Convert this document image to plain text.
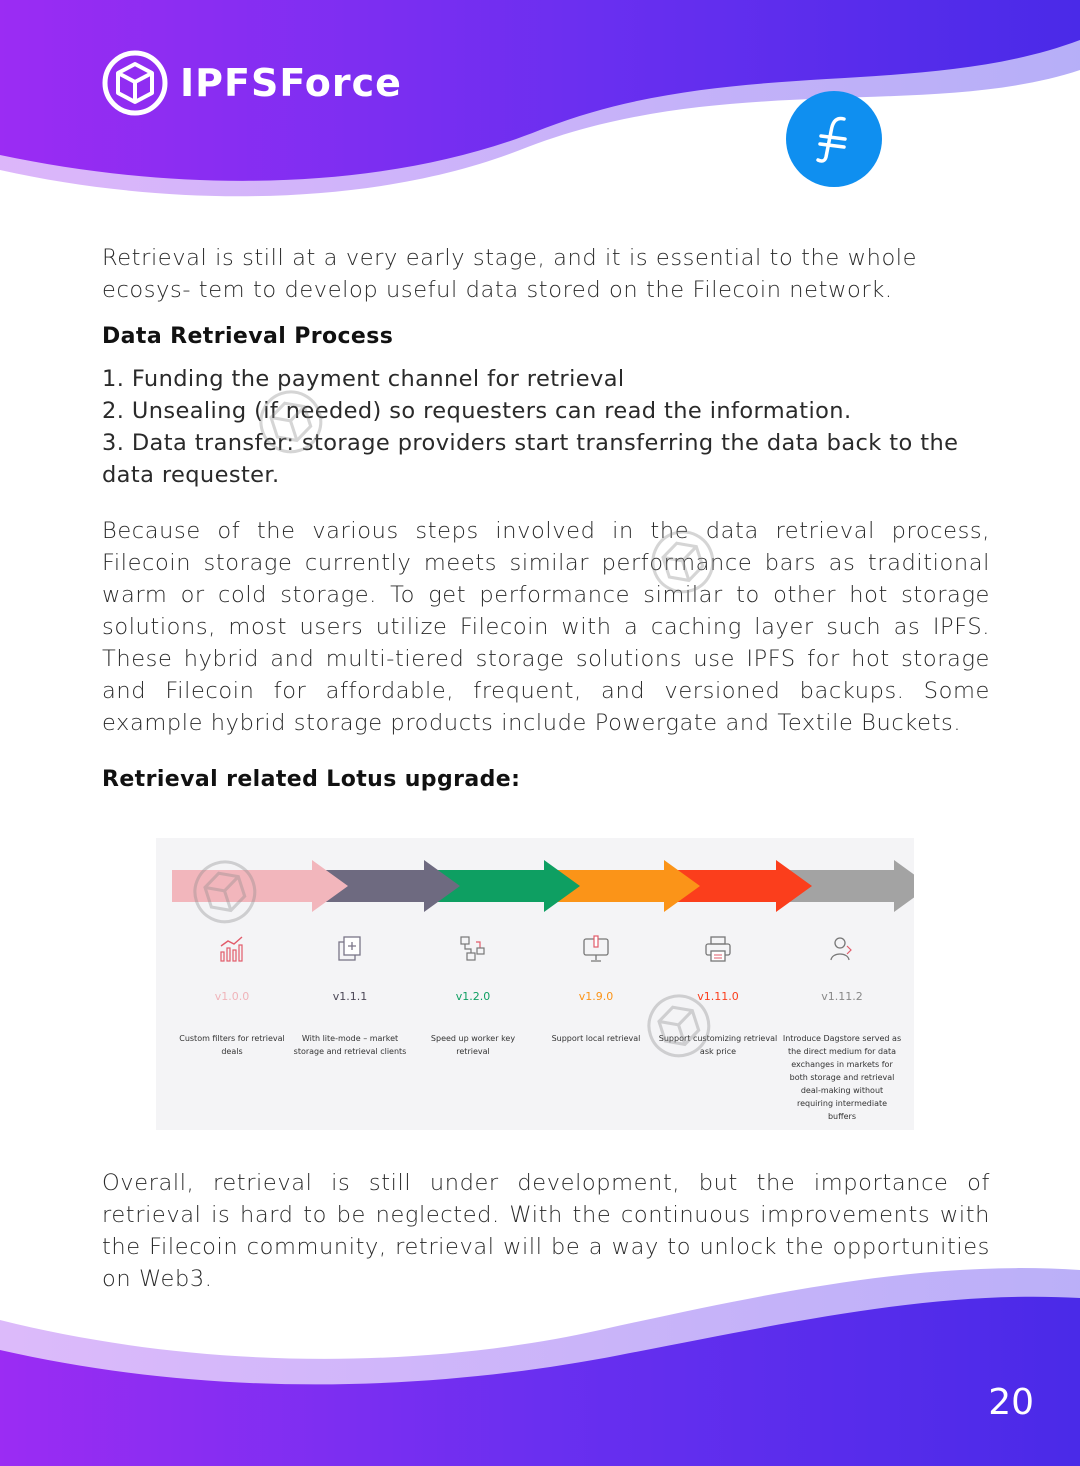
IPFSForce

Retrieval is still at a very early stage, and it is essential to the whole ecosys- tem to develop useful data stored on the Filecoin network.

Data Retrieval Process
1. Funding the payment channel for retrieval
2. Unsealing (if needed) so requesters can read the information.
3. Data transfer: storage providers start transferring the data back to the data requester.

Because of the various steps involved in the data retrieval process, Filecoin storage currently meets similar performance bars as traditional warm or cold storage. To get performance similar to other hot storage solutions, most users utilize Filecoin with a caching layer such as IPFS. These hybrid and multi-tiered storage solutions use IPFS for hot storage and Filecoin for affordable, frequent, and versioned backups. Some example hybrid storage products include Powergate and Textile Buckets.

Retrieval related Lotus upgrade:
v1.0.0
Custom filters for retrieval deals
v1.1.1
With lite-mode – market storage and retrieval clients
v1.2.0
Speed up worker key retrieval
v1.9.0
Support local retrieval
v1.11.0
Support customizing retrieval ask price
v1.11.2
Introduce Dagstore served as the direct medium for data exchanges in markets for both storage and retrieval deal-making without requiring intermediate buffers

Overall, retrieval is still under development, but the importance of retrieval is hard to be neglected. With the continuous improvements with the Filecoin community, retrieval will be a way to unlock the opportunities on Web3.

20
